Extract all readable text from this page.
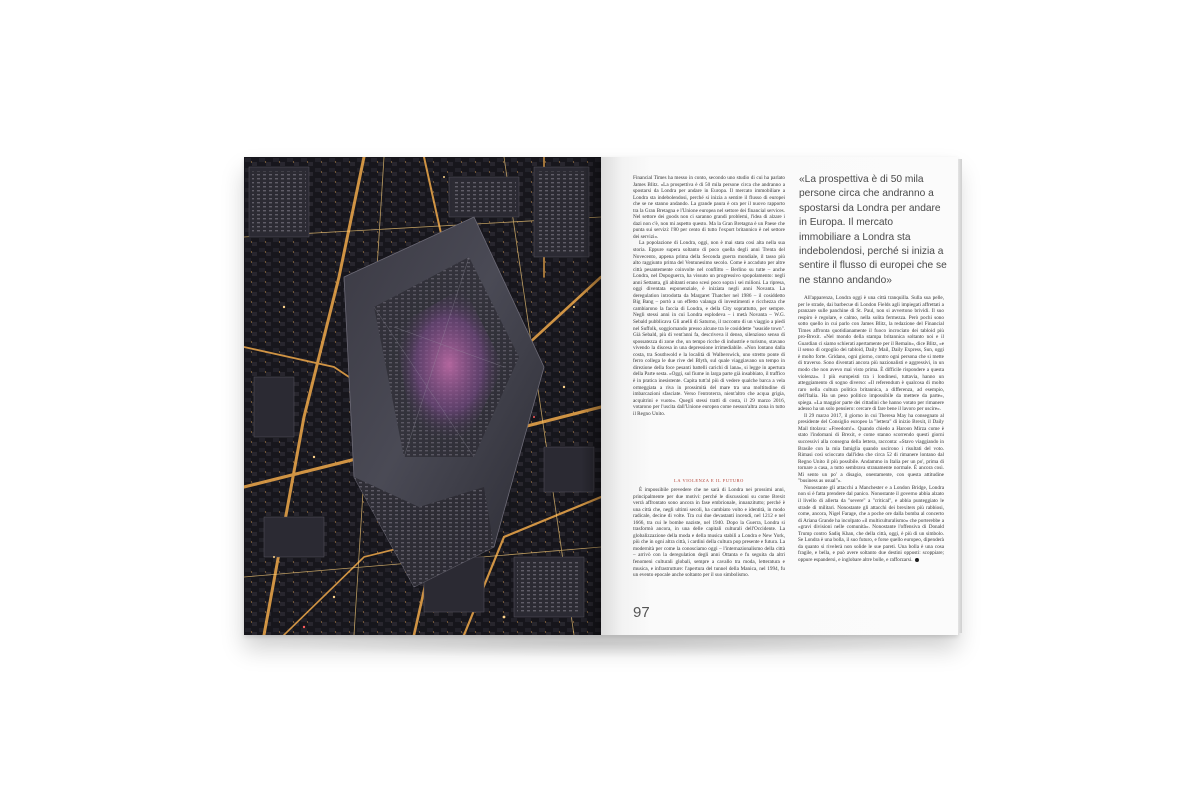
Financial Times ha messo in conto, secondo uno studio di cui ha parlato James Blitz. «La prospettiva è di 50 mila persone circa che andranno a spostarsi da Londra per andare in Europa. Il mercato immobiliare a Londra sta indebolendosi, perché si inizia a sentire il flusso di europei che se ne stanno andando. La grande paura è ora per il nuovo rapporto tra la Gran Bretagna e l'Unione europea nel settore dei financial services. Nel settore dei goods non ci saranno grandi problemi, l'idea di alzare i dazi non c'è, non mi aspetto questo. Ma la Gran Bretagna è un Paese che punta sui servizi: l'80 per cento di tutto l'export britannico è nel settore dei servizi».

La popolazione di Londra, oggi, non è mai stata così alta nella sua storia. Eppure supera soltanto di poco quella degli anni Trenta del Novecento, appena prima della Seconda guerra mondiale, il tasso più alto raggiunto prima del Ventunesimo secolo. Come è accaduto per altre città pesantemente coinvolte nel conflitto – Berlino su tutte – anche Londra, nel Dopoguerra, ha vissuto un progressivo spopolamento: negli anni Settanta, gli abitanti erano scesi poco sopra i sei milioni. La ripresa, oggi diventata esponenziale, è iniziata negli anni Novanta. La deregulation introdotta da Margaret Thatcher nel 1986 – il cosiddetto Big Bang – portò a un effetto valanga di investimenti e ricchezza che cambiarono la faccia di Londra, e della City soprattutto, per sempre. Negli stessi anni in cui Londra esplodeva – i metà Novanta – W.G. Sebald pubblicava Gli anelli di Saturno, il racconto di un viaggio a piedi nel Suffolk, soggiornando presso alcune tra le cosiddette "seaside town". Già Sebald, più di vent'anni fa, descriveva il denso, silenzioso senso di spossatezza di zone che, un tempo ricche di industrie e turismo, stavano vivendo la discesa in una depressione irrimediabile. «Non lontano dalla costa, tra Southwold e la località di Walberswick, uno stretto ponte di ferro collega le due rive del Blyth, sul quale viaggiavano un tempo in direzione della foce pesanti battelli carichi di lana», si legge in apertura della Parte sesta. «Oggi, sul fiume in larga parte già insabbiato, il traffico è in pratica inesistente. Capita tutt'al più di vedere qualche barca a vela ormeggiata a riva in prossimità del mare tra una moltitudine di imbarcazioni sfasciate. Verso l'entroterra, nient'altro che acqua grigia, acquitrini e vuoto». Quegli stessi tratti di costa, il 29 marzo 2016, votarono per l'uscita dall'Unione europea come nessun'altra zona in tutto il Regno Unito.

LA VIOLENZA E IL FUTURO

È impossibile prevedere che ne sarà di Londra nei prossimi anni, principalmente per due motivi: perché le discussioni su come Brexit verrà affrontato sono ancora in fase embrionale, innanzitutto; perché è una città che, negli ultimi secoli, ha cambiato volto e identità, in modo radicale, decine di volte. Tra cui due devastanti incendi, nel 1212 e nel 1666, tra cui le bombe naziste, nel 1940. Dopo la Guerra, Londra si trasformò ancora, in una delle capitali culturali dell'Occidente. La globalizzazione della moda e della musica stabilì a Londra e New York, più che in ogni altra città, i cardini della cultura pop presente e futura. La modernità per come la conosciamo oggi – l'internazionalismo della città – arrivò con la deregulation degli anni Ottanta e fu seguita da altri fenomeni culturali globali, sempre a cavallo tra moda, letteratura e musica, e infrastrutture: l'apertura del tunnel della Manica, nel 1994, fu un evento epocale anche soltanto per il suo simbolismo.

97
«La prospettiva è di 50 mila persone circa che andranno a spostarsi da Londra per andare in Europa. Il mercato immobiliare a Londra sta indebolendosi, perché si inizia a sentire il flusso di europei che se ne stanno andando»

All'apparenza, Londra oggi è una città tranquilla. Sulla sua pelle, per le strade, dai barbecue di London Fields agli impiegati affrettati a pranzare sulle panchine di St. Paul, non si avvertono brividi. Il suo respiro è regolare, e calmo, nella solita fermezza. Però pochi sono sotto quello in cui parlo con James Blitz, la redazione del Financial Times affronta quotidianamente il fuoco incrociato dei tabloid più pro-Brexit. «Nel mondo della stampa britannica soltanto noi e il Guardian ci siamo schierati apertamente per il Remain», dice Blitz, «e il senso di orgoglio dei tabloid, Daily Mail, Daily Express, Sun, oggi è molto forte. Gridano, ogni giorno, contro ogni persona che si mette di traverso. Sono diventati ancora più nazionalisti e aggressivi, in un modo che non avevo mai visto prima. È difficile rispondere a questa violenza». I più europeisti tra i londinesi, tuttavia, hanno un atteggiamento di sogno diverso: «Il referendum è qualcosa di molto raro nella cultura politica britannica, a differenza, ad esempio, dell'Italia. Ha un peso politico impossibile da mettere da parte», spiega. «La maggior parte dei cittadini che hanno votato per rimanere adesso ha un solo pensiero: cercare di fare bene il lavoro per uscire».

Il 29 marzo 2017, il giorno in cui Theresa May ha consegnato al presidente del Consiglio europeo la "lettera" di inizio Brexit, il Daily Mail titolava: «Freedom!». Quando chiedo a Haroon Mirza come è stato l'indomani di Brexit, e come stanno scorrendo questi giorni successivi alla consegna della lettera, racconta: «Stavo viaggiando in Brasile con la mia famiglia quando uscirono i risultati del voto. Rimasi così scioccato dall'idea che circa 52 di rimanere lontano dal Regno Unito il più possibile. Andammo in Italia per un po', prima di tornare a casa, a tutto sembrava stranamente normale. È ancora così. Mi sento un po' a disagio, onestamente, con questa attitudine "business as usual"».

Nonostante gli attacchi a Manchester e a London Bridge, Londra non si è fatta prendere dal panico. Nonostante il governo abbia alzato il livello di allerta da "severe" a "critical", e abbia punteggiato le strade di militari. Nonostante gli attacchi dei brexiters più rabbiosi, come, ancora, Nigel Farage, che a poche ore dalla bomba al concerto di Ariana Grande ha incolpato «il multiculturalismo» che porterebbe a «gravi divisioni nelle comunità». Nonostante l'offensiva di Donald Trump contro Sadiq Khan, che della città, oggi, è più di un simbolo. Se Londra è una bolla, il suo futuro, e forse quello europeo, dipenderà da quanto si rivelerà non solide le sue pareti. Una bolla è una cosa fragile, e bella, e può avere soltanto due destini opposti: scoppiare; oppure espandersi, e inglobare altre bolle, e rafforzarsi.
